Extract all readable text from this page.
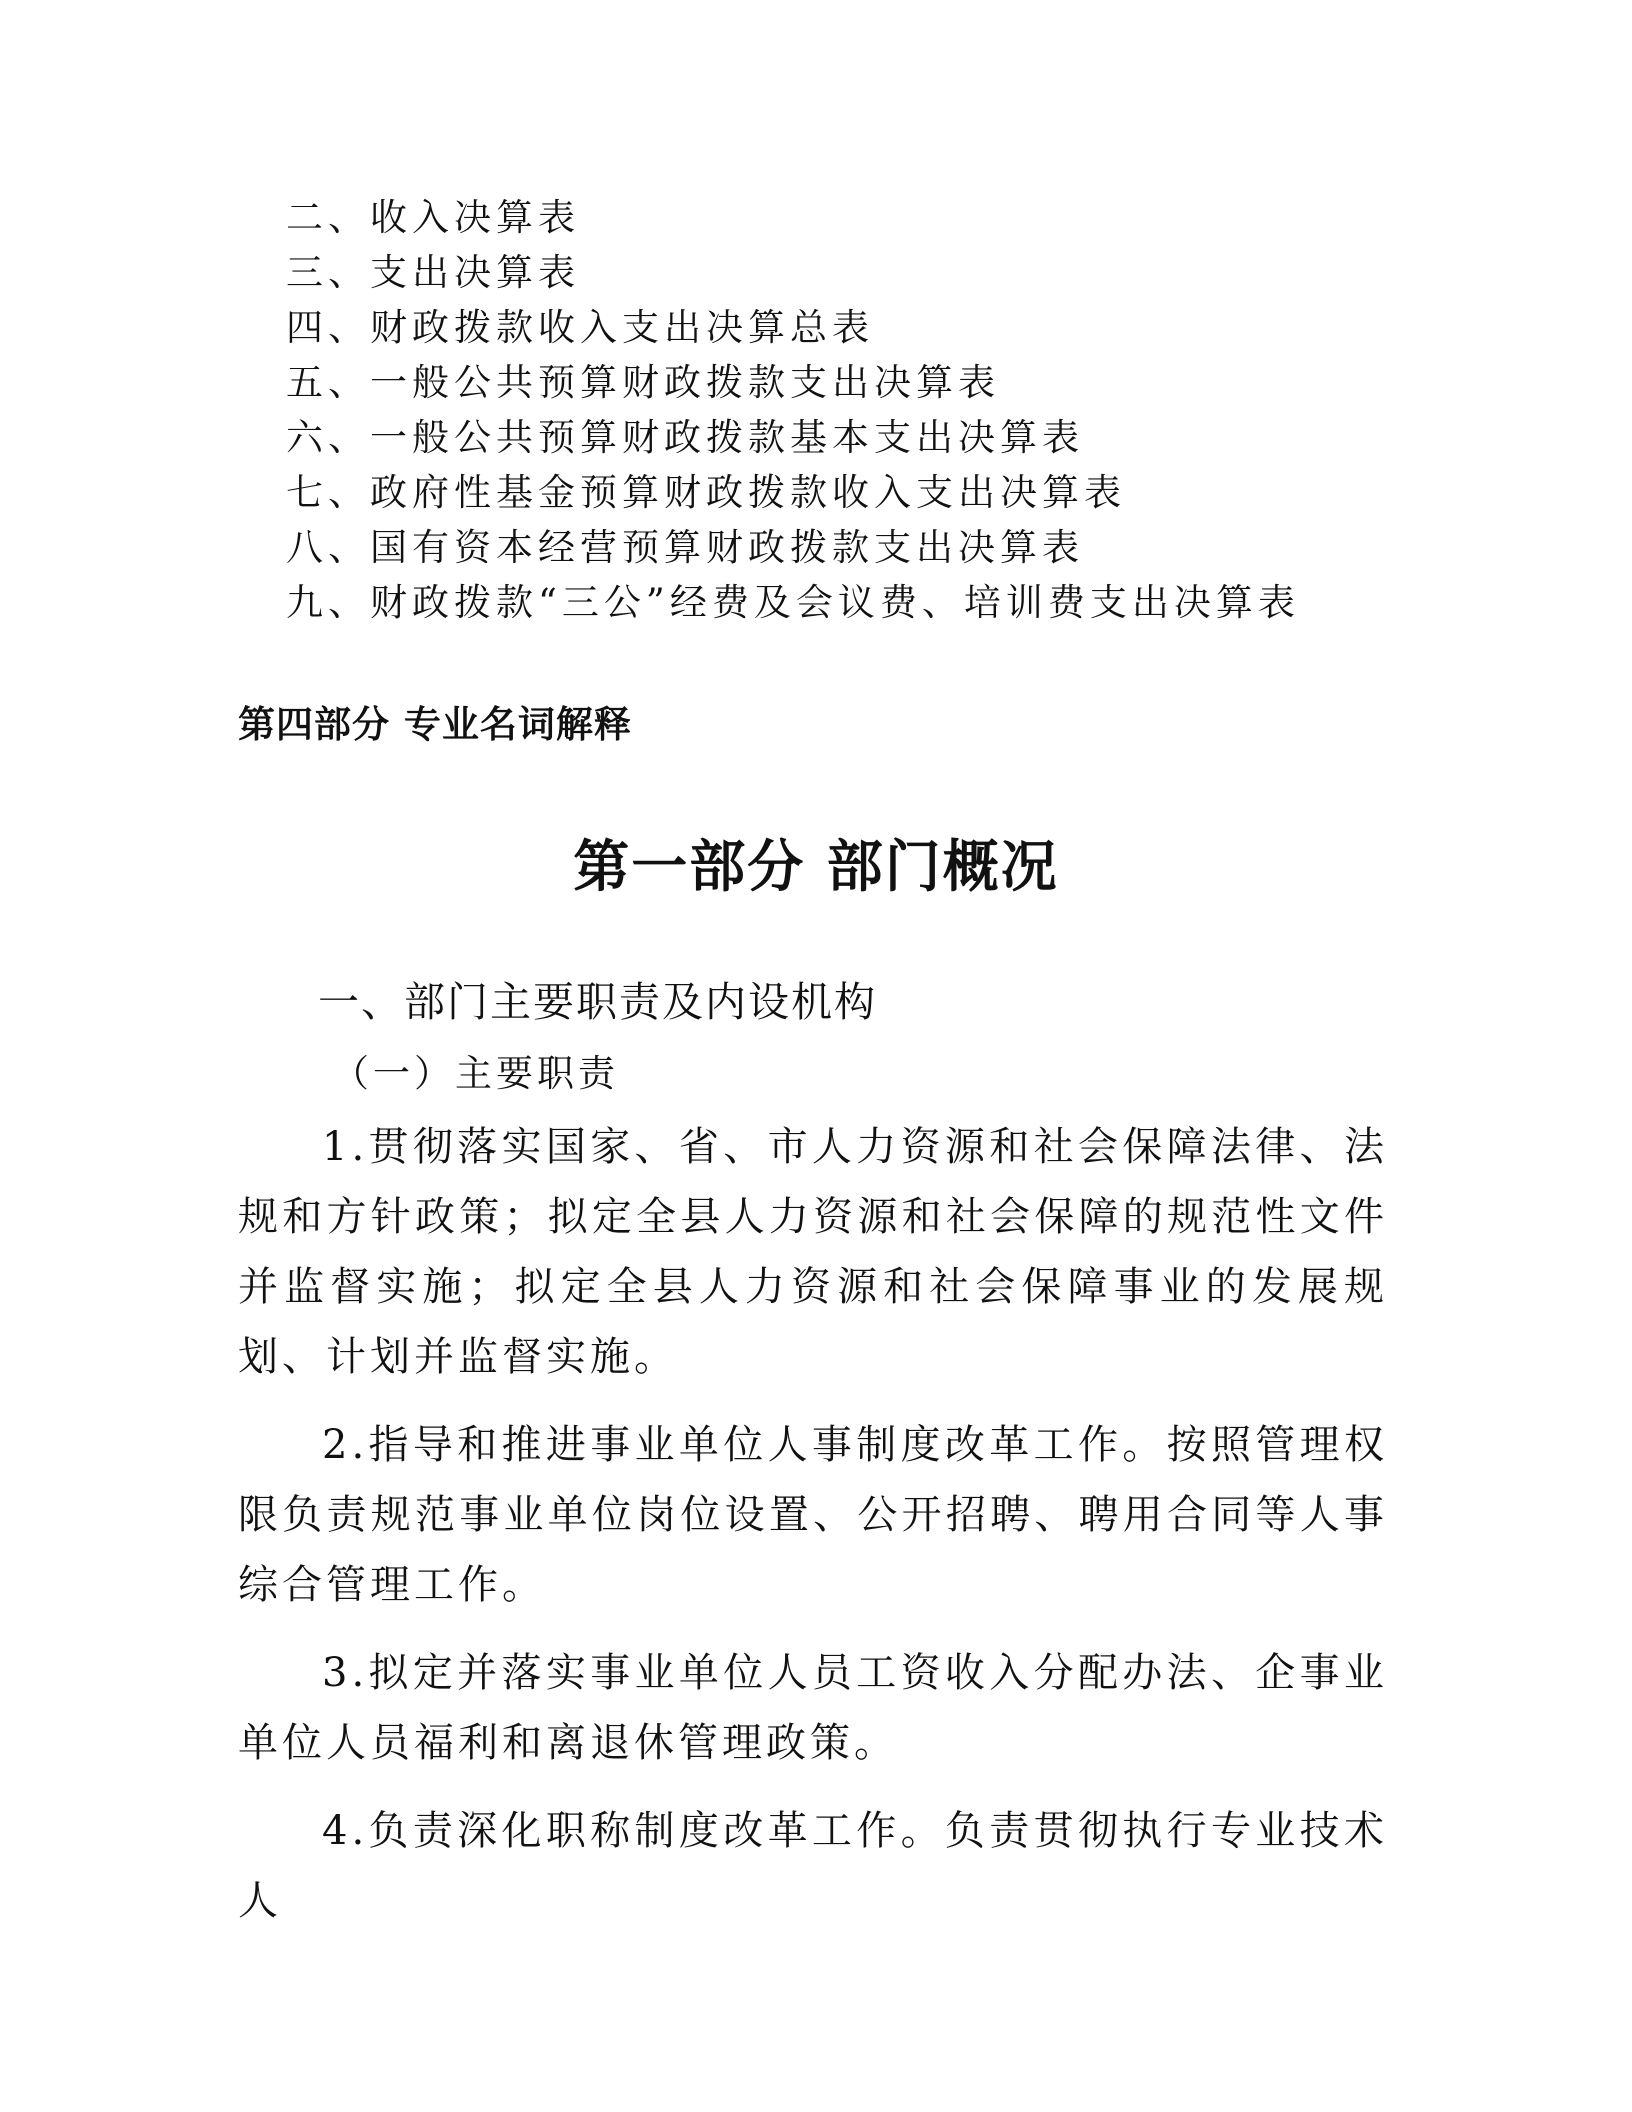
二、收入决算表
三、支出决算表
四、财政拨款收入支出决算总表
五、一般公共预算财政拨款支出决算表
六、一般公共预算财政拨款基本支出决算表
七、政府性基金预算财政拨款收入支出决算表
八、国有资本经营预算财政拨款支出决算表
九、财政拨款“三公”经费及会议费、培训费支出决算表
第四部分 专业名词解释
第一部分 部门概况
一、部门主要职责及内设机构
（一）主要职责

1.贯彻落实国家、省、市人力资源和社会保障法律、法规和方针政策；拟定全县人力资源和社会保障的规范性文件并监督实施；拟定全县人力资源和社会保障事业的发展规划、计划并监督实施。

2.指导和推进事业单位人事制度改革工作。按照管理权限负责规范事业单位岗位设置、公开招聘、聘用合同等人事综合管理工作。

3.拟定并落实事业单位人员工资收入分配办法、企事业单位人员福利和离退休管理政策。

4.负责深化职称制度改革工作。负责贯彻执行专业技术人
